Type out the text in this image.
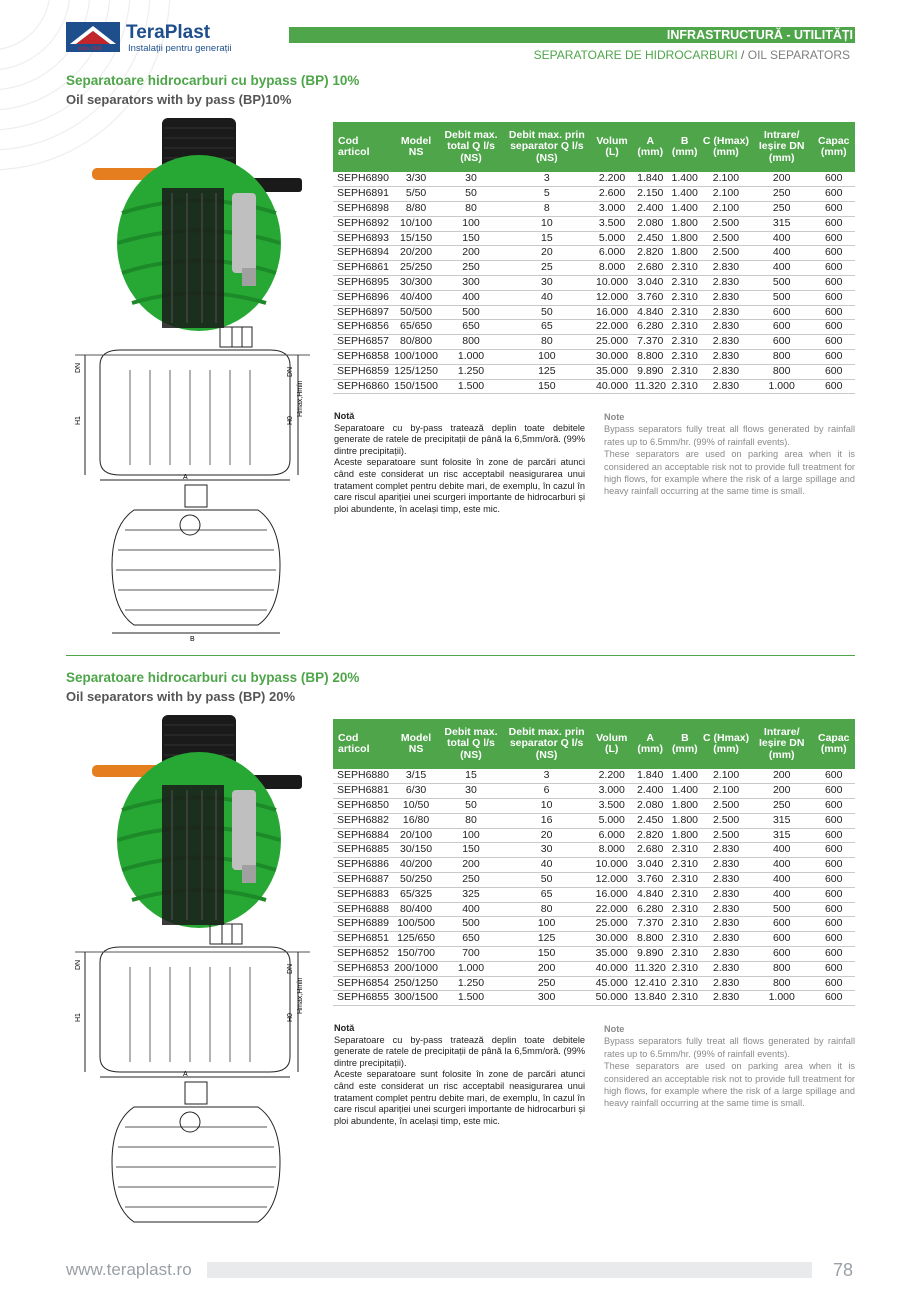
since 1896
TeraPlast
Instalații pentru generații
INFRASTRUCTURĂ - UTILITĂȚI
SEPARATOARE DE HIDROCARBURI / OIL SEPARATORS
Separatoare hidrocarburi cu bypass (BP) 10%
Oil separators with by pass (BP)10%
DN
H1
DN
H0
Hmax,Hmin
A
B
Cod articol	Model NS	Debit max. total Q l/s (NS)	Debit max. prin separator Q l/s (NS)	Volum (L)	A (mm)	B (mm)	C (Hmax) (mm)	Intrare/ Ieșire DN (mm)	Capac (mm)
SEPH6890	3/30	30	3	2.200	1.840	1.400	2.100	200	600
SEPH6891	5/50	50	5	2.600	2.150	1.400	2.100	250	600
SEPH6898	8/80	80	8	3.000	2.400	1.400	2.100	250	600
SEPH6892	10/100	100	10	3.500	2.080	1.800	2.500	315	600
SEPH6893	15/150	150	15	5.000	2.450	1.800	2.500	400	600
SEPH6894	20/200	200	20	6.000	2.820	1.800	2.500	400	600
SEPH6861	25/250	250	25	8.000	2.680	2.310	2.830	400	600
SEPH6895	30/300	300	30	10.000	3.040	2.310	2.830	500	600
SEPH6896	40/400	400	40	12.000	3.760	2.310	2.830	500	600
SEPH6897	50/500	500	50	16.000	4.840	2.310	2.830	600	600
SEPH6856	65/650	650	65	22.000	6.280	2.310	2.830	600	600
SEPH6857	80/800	800	80	25.000	7.370	2.310	2.830	600	600
SEPH6858	100/1000	1.000	100	30.000	8.800	2.310	2.830	800	600
SEPH6859	125/1250	1.250	125	35.000	9.890	2.310	2.830	800	600
SEPH6860	150/1500	1.500	150	40.000	11.320	2.310	2.830	1.000	600
Notă

Separatoare cu by-pass tratează deplin toate debitele generate de ratele de precipitații de până la 6,5mm/oră. (99% dintre precipitații).

Aceste separatoare sunt folosite în zone de parcări atunci când este considerat un risc acceptabil neasigurarea unui tratament complet pentru debite mari, de exemplu, în cazul în care riscul apariției unei scurgeri importante de hidrocarburi și ploi abundente, în același timp, este mic.

Note

Bypass separators fully treat all flows generated by rainfall rates up to 6.5mm/hr. (99% of rainfall events).

These separators are used on parking area when it is considered an acceptable risk not to provide full treatment for high flows, for example where the risk of a large spillage and heavy rainfall occurring at the same time is small.

Separatoare hidrocarburi cu bypass (BP) 20%
Oil separators with by pass (BP) 20%
DN
H1
DN
H0
Hmax,Hmin
A
Cod articol	Model NS	Debit max. total Q l/s (NS)	Debit max. prin separator Q l/s (NS)	Volum (L)	A (mm)	B (mm)	C (Hmax) (mm)	Intrare/ Ieșire DN (mm)	Capac (mm)
SEPH6880	3/15	15	3	2.200	1.840	1.400	2.100	200	600
SEPH6881	6/30	30	6	3.000	2.400	1.400	2.100	200	600
SEPH6850	10/50	50	10	3.500	2.080	1.800	2.500	250	600
SEPH6882	16/80	80	16	5.000	2.450	1.800	2.500	315	600
SEPH6884	20/100	100	20	6.000	2.820	1.800	2.500	315	600
SEPH6885	30/150	150	30	8.000	2.680	2.310	2.830	400	600
SEPH6886	40/200	200	40	10.000	3.040	2.310	2.830	400	600
SEPH6887	50/250	250	50	12.000	3.760	2.310	2.830	400	600
SEPH6883	65/325	325	65	16.000	4.840	2.310	2.830	400	600
SEPH6888	80/400	400	80	22.000	6.280	2.310	2.830	500	600
SEPH6889	100/500	500	100	25.000	7.370	2.310	2.830	600	600
SEPH6851	125/650	650	125	30.000	8.800	2.310	2.830	600	600
SEPH6852	150/700	700	150	35.000	9.890	2.310	2.830	600	600
SEPH6853	200/1000	1.000	200	40.000	11.320	2.310	2.830	800	600
SEPH6854	250/1250	1.250	250	45.000	12.410	2.310	2.830	800	600
SEPH6855	300/1500	1.500	300	50.000	13.840	2.310	2.830	1.000	600
Notă

Separatoare cu by-pass tratează deplin toate debitele generate de ratele de precipitații de până la 6,5mm/oră. (99% dintre precipitații).

Aceste separatoare sunt folosite în zone de parcări atunci când este considerat un risc acceptabil neasigurarea unui tratament complet pentru debite mari, de exemplu, în cazul în care riscul apariției unei scurgeri importante de hidrocarburi și ploi abundente, în același timp, este mic.

Note

Bypass separators fully treat all flows generated by rainfall rates up to 6.5mm/hr. (99% of rainfall events).

These separators are used on parking area when it is considered an acceptable risk not to provide full treatment for high flows, for example where the risk of a large spillage and heavy rainfall occurring at the same time is small.

www.teraplast.ro	78
